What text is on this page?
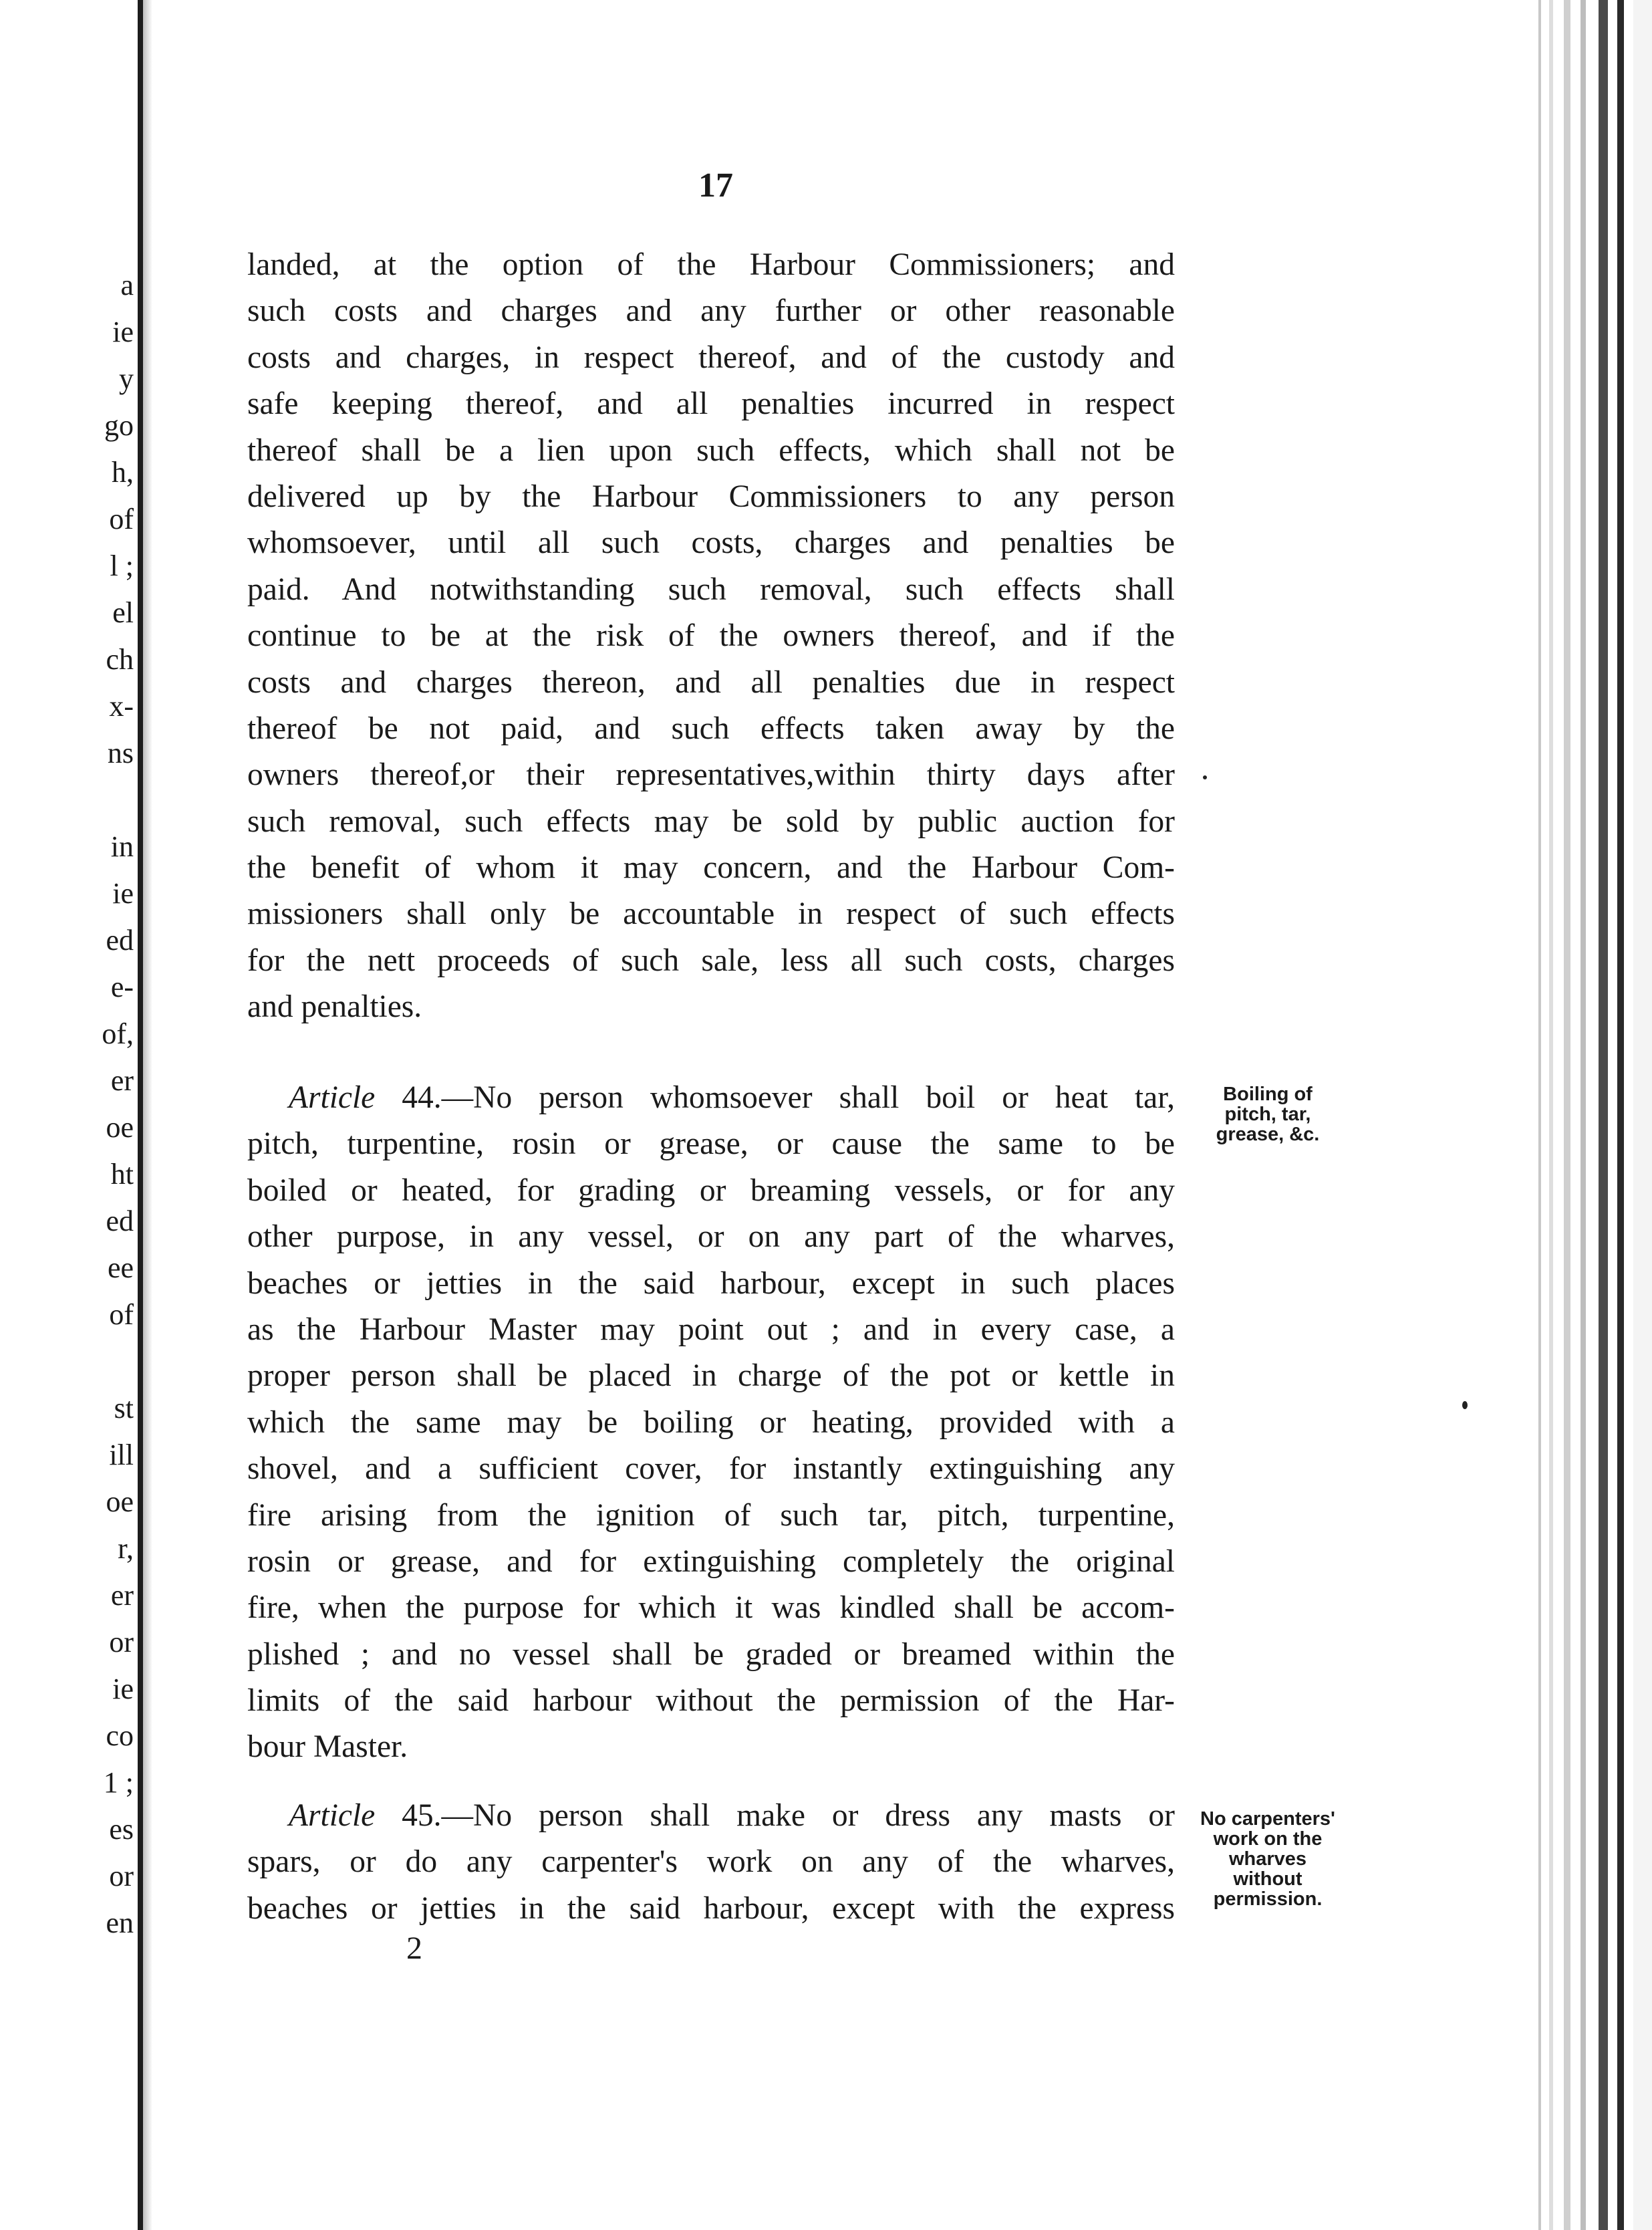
a
ie
y
go
h,
of
l ;
el
ch
x-
ns
in
ie
ed
e-
of,
er
oe
ht
ed
ee
of
st
ill
oe
r,
er
or
ie
co
1 ;
es
or
en
17
landed, at the option of the Harbour Commissioners; and
such costs and charges and any further or other reasonable
costs and charges, in respect thereof, and of the custody and
safe keeping thereof, and all penalties incurred in respect
thereof shall be a lien upon such effects, which shall not be
delivered up by the Harbour Commissioners to any person
whomsoever, until all such costs, charges and penalties be
paid. And notwithstanding such removal, such effects shall
continue to be at the risk of the owners thereof, and if the
costs and charges thereon, and all penalties due in respect
thereof be not paid, and such effects taken away by the
owners thereof,or their representatives,within thirty days after
such removal, such effects may be sold by public auction for
the benefit of whom it may concern, and the Harbour Com-
missioners shall only be accountable in respect of such effects
for the nett proceeds of such sale, less all such costs, charges
and penalties.
Article 44.—No person whomsoever shall boil or heat tar,
pitch, turpentine, rosin or grease, or cause the same to be
boiled or heated, for grading or breaming vessels, or for any
other purpose, in any vessel, or on any part of the wharves,
beaches or jetties in the said harbour, except in such places
as the Harbour Master may point out ; and in every case, a
proper person shall be placed in charge of the pot or kettle in
which the same may be boiling or heating, provided with a
shovel, and a sufficient cover, for instantly extinguishing any
fire arising from the ignition of such tar, pitch, turpentine,
rosin or grease, and for extinguishing completely the original
fire, when the purpose for which it was kindled shall be accom-
plished ; and no vessel shall be graded or breamed within the
limits of the said harbour without the permission of the Har-
bour Master.
Boiling of
pitch, tar,
grease, &c.
Article 45.—No person shall make or dress any masts or
spars, or do any carpenter's work on any of the wharves,
beaches or jetties in the said harbour, except with the express
No carpenters'
work on the
wharves
without
permission.
2
